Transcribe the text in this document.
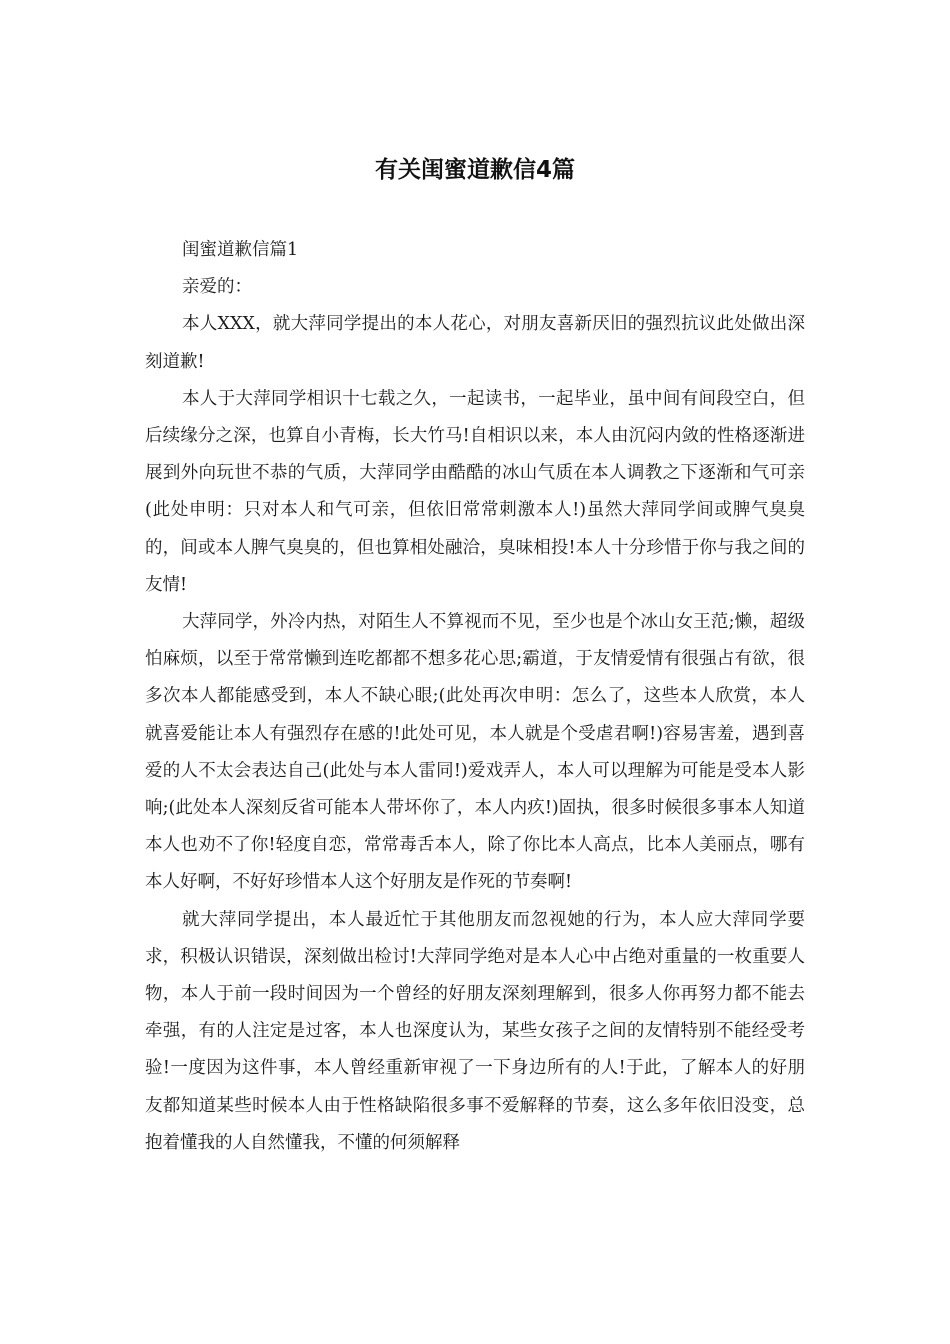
有关闺蜜道歉信4篇

闺蜜道歉信篇1

亲爱的：

本人XXX，就大萍同学提出的本人花心，对朋友喜新厌旧的强烈抗议此处做出深刻道歉!

本人于大萍同学相识十七载之久，一起读书，一起毕业，虽中间有间段空白，但后续缘分之深，也算自小青梅，长大竹马!自相识以来，本人由沉闷内敛的性格逐渐进展到外向玩世不恭的气质，大萍同学由酷酷的冰山气质在本人调教之下逐渐和气可亲(此处申明：只对本人和气可亲，但依旧常常刺激本人!)虽然大萍同学间或脾气臭臭的，间或本人脾气臭臭的，但也算相处融洽，臭味相投!本人十分珍惜于你与我之间的友情!

大萍同学，外冷内热，对陌生人不算视而不见，至少也是个冰山女王范;懒，超级怕麻烦，以至于常常懒到连吃都都不想多花心思;霸道，于友情爱情有很强占有欲，很多次本人都能感受到，本人不缺心眼;(此处再次申明：怎么了，这些本人欣赏，本人就喜爱能让本人有强烈存在感的!此处可见，本人就是个受虐君啊!)容易害羞，遇到喜爱的人不太会表达自己(此处与本人雷同!)爱戏弄人，本人可以理解为可能是受本人影响;(此处本人深刻反省可能本人带坏你了，本人内疚!)固执，很多时候很多事本人知道本人也劝不了你!轻度自恋，常常毒舌本人，除了你比本人高点，比本人美丽点，哪有本人好啊，不好好珍惜本人这个好朋友是作死的节奏啊!

就大萍同学提出，本人最近忙于其他朋友而忽视她的行为，本人应大萍同学要求，积极认识错误，深刻做出检讨!大萍同学绝对是本人心中占绝对重量的一枚重要人物，本人于前一段时间因为一个曾经的好朋友深刻理解到，很多人你再努力都不能去牵强，有的人注定是过客，本人也深度认为，某些女孩子之间的友情特别不能经受考验!一度因为这件事，本人曾经重新审视了一下身边所有的人!于此，了解本人的好朋友都知道某些时候本人由于性格缺陷很多事不爱解释的节奏，这么多年依旧没变，总抱着懂我的人自然懂我，不懂的何须解释
